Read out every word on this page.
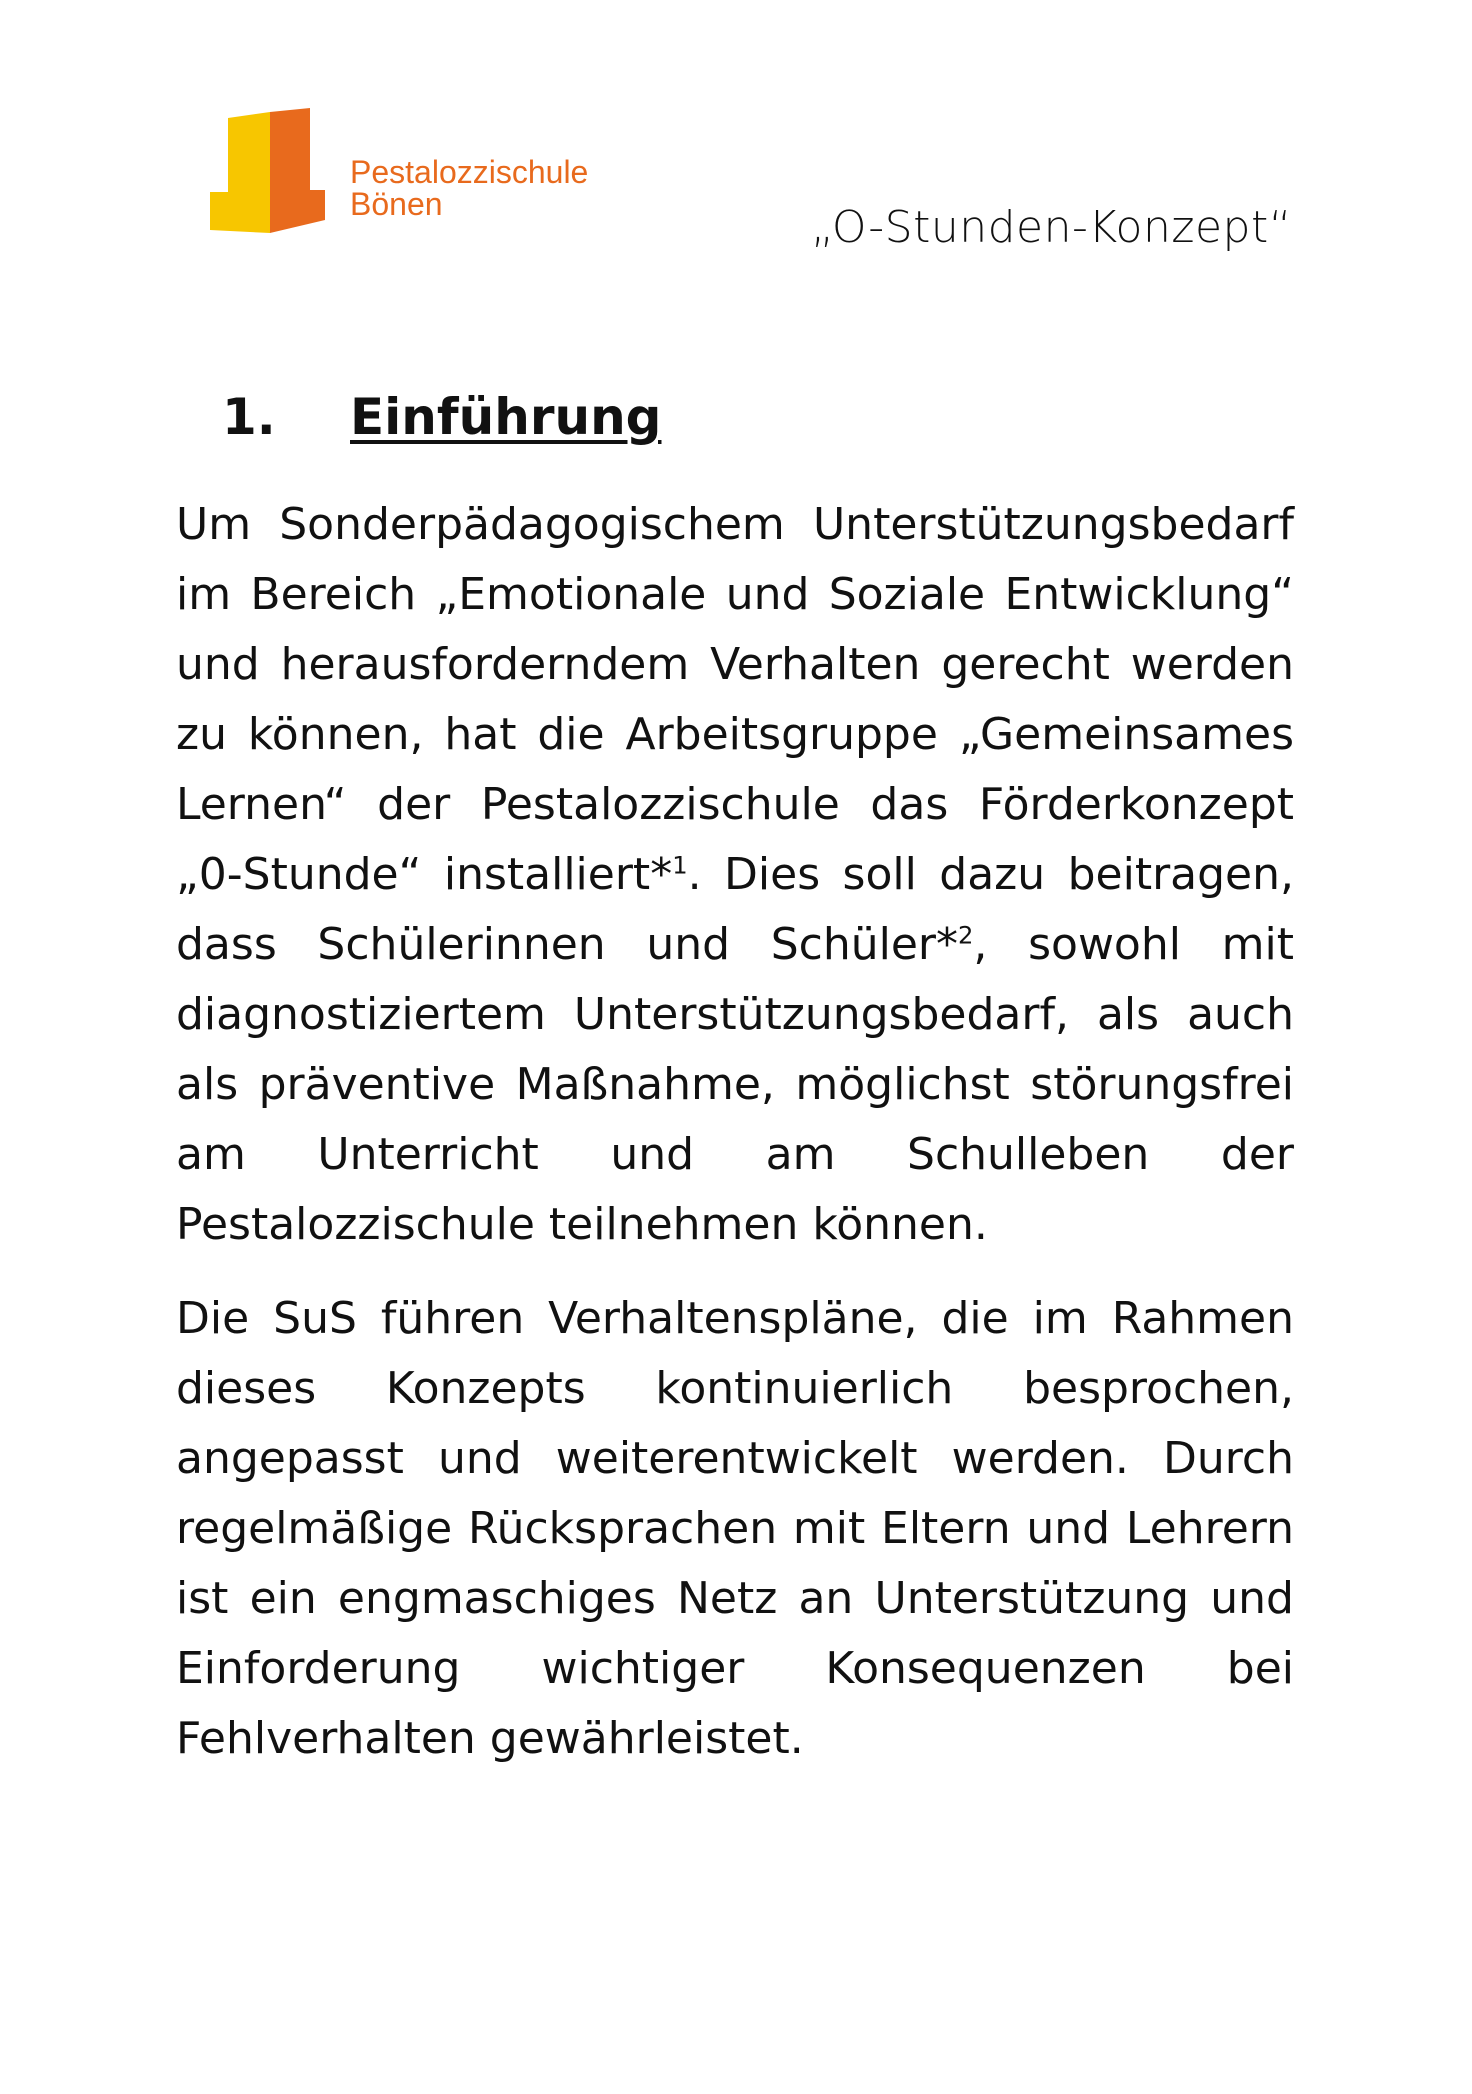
Pestalozzischule
Bönen	„O-Stunden-Konzept“
1. Einführung

Um Sonderpädagogischem Unterstützungsbedarf im Bereich „Emotionale und Soziale Entwicklung“ und herausforderndem Verhalten gerecht werden zu können, hat die Arbeitsgruppe „Gemeinsames Lernen“ der Pestalozzischule das Förderkonzept „0-Stunde“ installiert*$^1$. Dies soll dazu beitragen, dass Schülerinnen und Schüler*$^2$, sowohl mit diagnostiziertem Unterstützungsbedarf, als auch als präventive Maßnahme, möglichst störungsfrei am Unterricht und am Schulleben der Pestalozzischule teilnehmen können.

Die SuS führen Verhaltenspläne, die im Rahmen dieses Konzepts kontinuierlich besprochen, angepasst und weiterentwickelt werden. Durch regelmäßige Rücksprachen mit Eltern und Lehrern ist ein engmaschiges Netz an Unterstützung und Einforderung wichtiger Konsequenzen bei Fehlverhalten gewährleistet.
